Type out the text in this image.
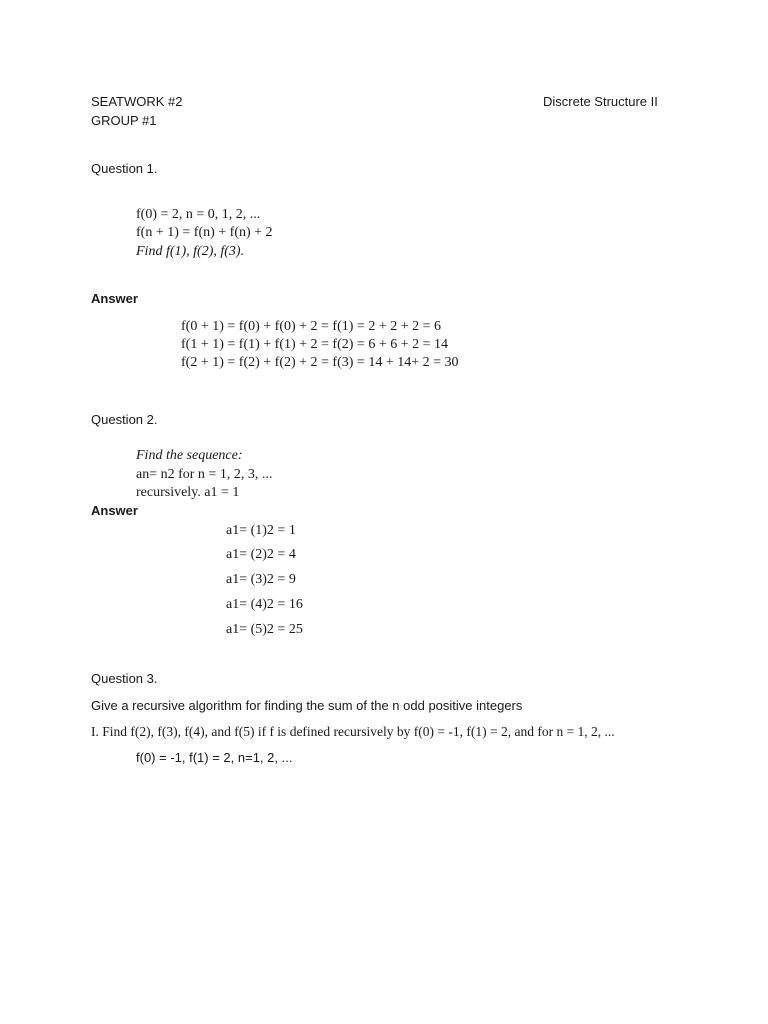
SEATWORK #2
GROUP #1
Discrete Structure II
Question 1.
f(0) = 2, n = 0, 1, 2, ...
f(n + 1) = f(n) + f(n) + 2
Find f(1), f(2), f(3).
Answer
f(0 + 1) = f(0) + f(0) + 2 = f(1) = 2 + 2 + 2 = 6
f(1 + 1) = f(1) + f(1) + 2 = f(2) = 6 + 6 + 2 = 14
f(2 + 1) = f(2) + f(2) + 2 = f(3) = 14 + 14+ 2 = 30
Question 2.
Find the sequence:
an= n2 for n = 1, 2, 3, ...
recursively. a1 = 1
Answer
a1= (1)2 = 1
a1= (2)2 = 4
a1= (3)2 = 9
a1= (4)2 = 16
a1= (5)2 = 25
Question 3.
Give a recursive algorithm for finding the sum of the n odd positive integers
I. Find f(2), f(3), f(4), and f(5) if f is defined recursively by f(0) = -1, f(1) = 2, and for n = 1, 2, ...
f(0) = -1, f(1) = 2, n=1, 2, ...
